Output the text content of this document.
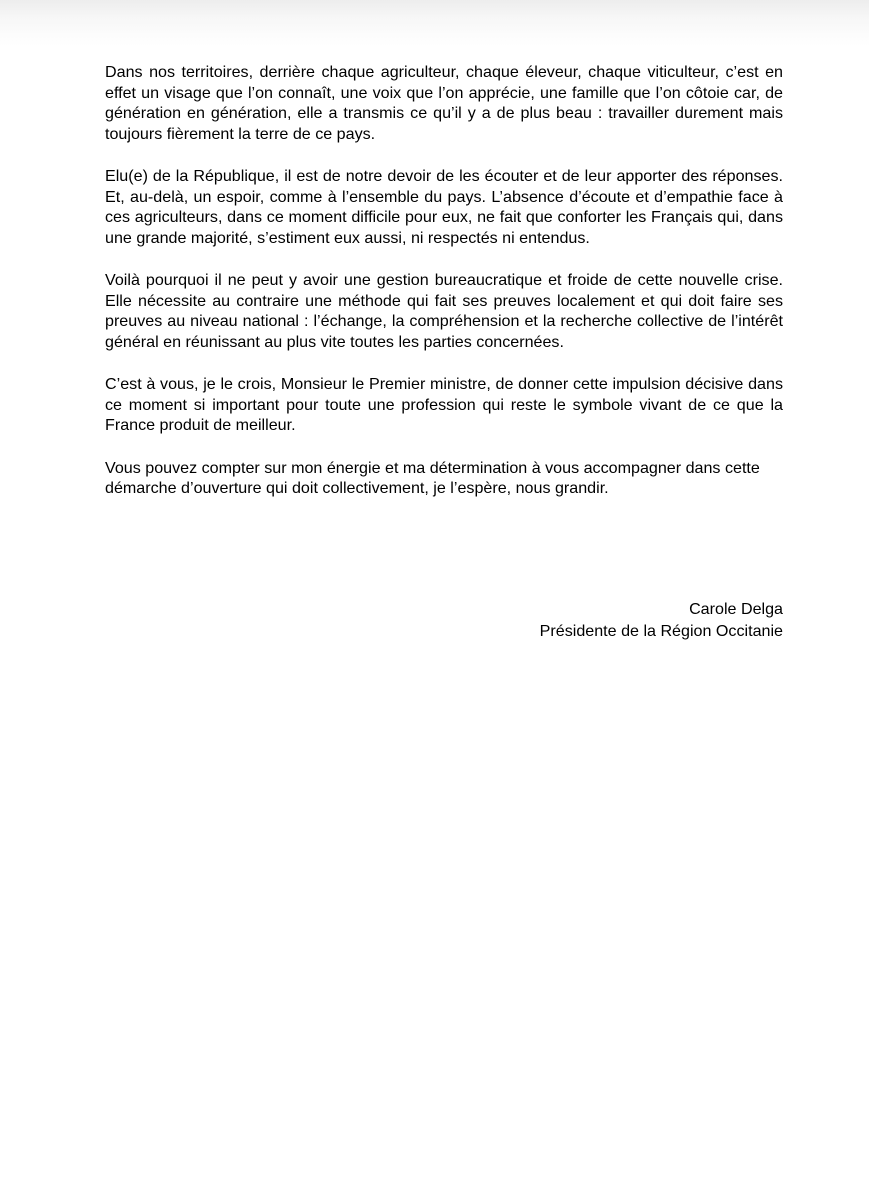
Dans nos territoires, derrière chaque agriculteur, chaque éleveur, chaque viticulteur, c’est en effet un visage que l’on connaît, une voix que l’on apprécie, une famille que l’on côtoie car, de génération en génération, elle a transmis ce qu’il y a de plus beau : travailler durement mais toujours fièrement la terre de ce pays.

Elu(e) de la République, il est de notre devoir de les écouter et de leur apporter des réponses. Et, au-delà, un espoir, comme à l’ensemble du pays. L’absence d’écoute et d’empathie face à ces agriculteurs, dans ce moment difficile pour eux, ne fait que conforter les Français qui, dans une grande majorité, s’estiment eux aussi, ni respectés ni entendus.

Voilà pourquoi il ne peut y avoir une gestion bureaucratique et froide de cette nouvelle crise. Elle nécessite au contraire une méthode qui fait ses preuves localement et qui doit faire ses preuves au niveau national : l’échange, la compréhension et la recherche collective de l’intérêt général en réunissant au plus vite toutes les parties concernées.

C’est à vous, je le crois, Monsieur le Premier ministre, de donner cette impulsion décisive dans ce moment si important pour toute une profession qui reste le symbole vivant de ce que la France produit de meilleur.

Vous pouvez compter sur mon énergie et ma détermination à vous accompagner dans cette démarche d’ouverture qui doit collectivement, je l’espère, nous grandir.

Carole Delga
Présidente de la Région Occitanie
